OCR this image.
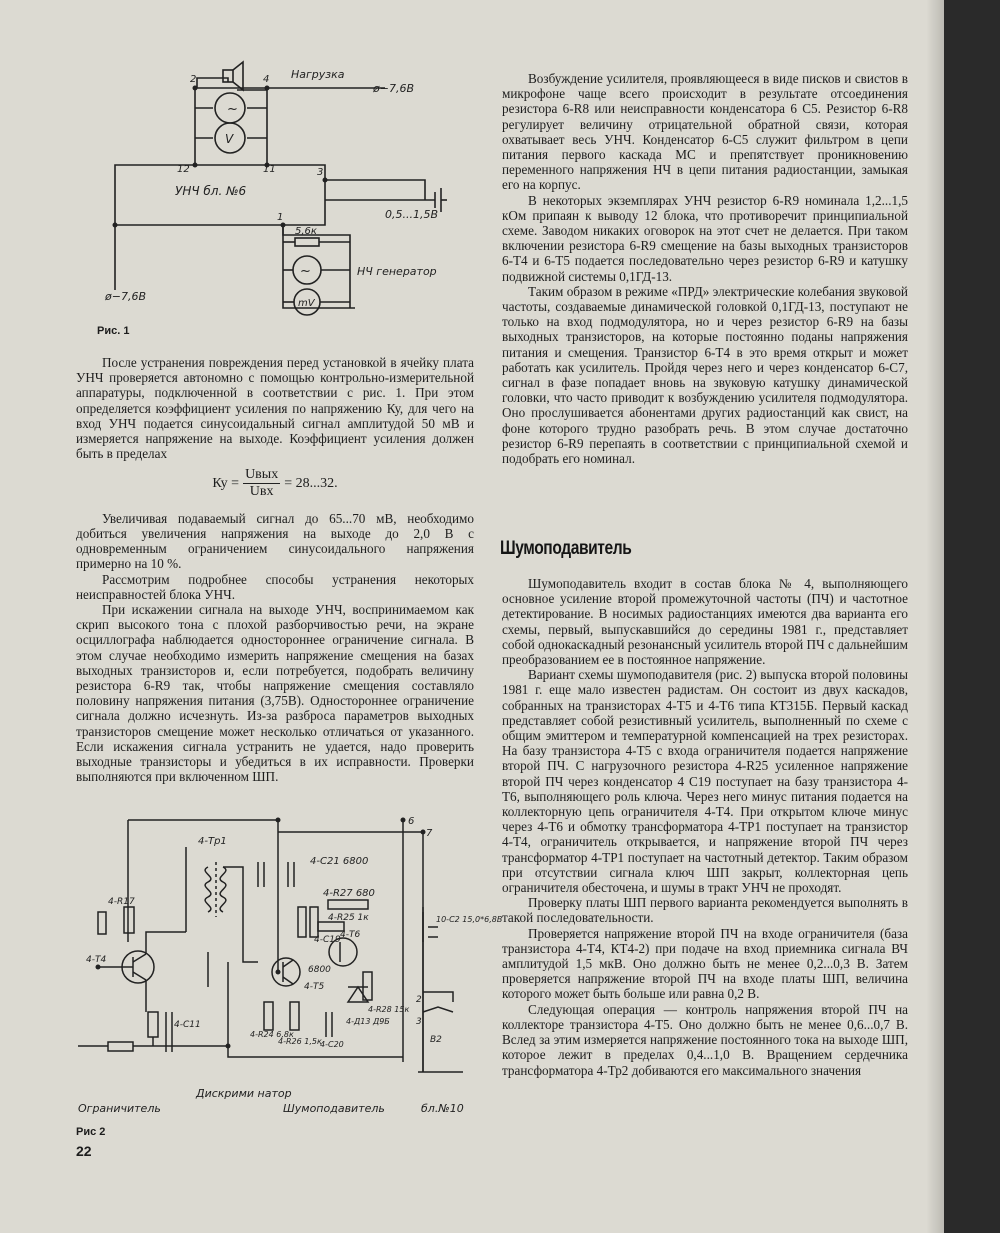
~
V
~
mV
2	4 Нагрузка
ø−7,6В
12	11	3
УНЧ бл. №6
1	0,5...1,5В
5,6к
НЧ генератор
ø−7,6В
Рис. 1

После устранения повреждения перед установкой в ячейку плата УНЧ проверяется автономно с помощью контрольно-измерительной аппаратуры, подключенной в соответствии с рис. 1. При этом определяется коэффициент усиления по напряжению Ку, для чего на вход УНЧ подается синусоидальный сигнал амплитудой 50 мВ и измеряется напряжение на выходе. Коэффициент усиления должен быть в пределах

Ку = $\frac{\text{Uвых}}{\text{Uвх}} = 28...32$.

Увеличивая подаваемый сигнал до 65...70 мВ, необходимо добиться увеличения напряжения на выходе до 2,0 В с одновременным ограничением синусоидального напряжения примерно на 10 %.

Рассмотрим подробнее способы устранения некоторых неисправностей блока УНЧ.

При искажении сигнала на выходе УНЧ, воспринимаемом как скрип высокого тона с плохой разборчивостью речи, на экране осциллографа наблюдается одностороннее ограничение сигнала. В этом случае необходимо измерить напряжение смещения на базах выходных транзисторов и, если потребуется, подобрать величину резистора 6-R9 так, чтобы напряжение смещения составляло половину напряжения питания (3,75В). Одностороннее ограничение сигнала должно исчезнуть. Из-за разброса параметров выходных транзисторов смещение может несколько отличаться от указанного. Если искажения сигнала устранить не удается, надо проверить выходные транзисторы и убедиться в их исправности. Проверки выполняются при включенном ШП.

6
7
4-Тр1
4-С21 6800
4-R27 680
4-R25 1к
4-С19 4-Т6
4-Т5
6800
4-Т4
4-R17
4-С11
4-R24 6,8к
4-R26 1,5к
4-С20
4-R28 15к
4-Д13 Д9Б
10-С2 15,0*6,8В
2
3
В2
Ограничитель
Дискрими натор
Шумоподавитель	бл.№10
Рис 2
22

Возбуждение усилителя, проявляющееся в виде писков и свистов в микрофоне чаще всего происходит в результате отсоединения резистора 6-R8 или неисправности конденсатора 6 С5. Резистор 6-R8 регулирует величину отрицательной обратной связи, которая охватывает весь УНЧ. Конденсатор 6-С5 служит фильтром в цепи питания первого каскада МС и препятствует проникновению переменного напряжения НЧ в цепи питания радиостанции, замыкая его на корпус.

В некоторых экземплярах УНЧ резистор 6-R9 номинала 1,2...1,5 кОм припаян к выводу 12 блока, что противоречит принципиальной схеме. Заводом никаких оговорок на этот счет не делается. При таком включении резистора 6-R9 смещение на базы выходных транзисторов 6-Т4 и 6-Т5 подается последовательно через резистор 6-R9 и катушку подвижной системы 0,1ГД-13.

Таким образом в режиме «ПРД» электрические колебания звуковой частоты, создаваемые динамической головкой 0,1ГД-13, поступают не только на вход подмодулятора, но и через резистор 6-R9 на базы выходных транзисторов, на которые постоянно поданы напряжения питания и смещения. Транзистор 6-Т4 в это время открыт и может работать как усилитель. Пройдя через него и через конденсатор 6-С7, сигнал в фазе попадает вновь на звуковую катушку динамической головки, что часто приводит к возбуждению усилителя подмодулятора. Оно прослушивается абонентами других радиостанций как свист, на фоне которого трудно разобрать речь. В этом случае достаточно резистор 6-R9 перепаять в соответствии с принципиальной схемой и подобрать его номинал.

Шумоподавитель

Шумоподавитель входит в состав блока № 4, выполняющего основное усиление второй промежуточной частоты (ПЧ) и частотное детектирование. В носимых радиостанциях имеются два варианта его схемы, первый, выпускавшийся до середины 1981 г., представляет собой однокаскадный резонансный усилитель второй ПЧ с дальнейшим преобразованием ее в постоянное напряжение.

Вариант схемы шумоподавителя (рис. 2) выпуска второй половины 1981 г. еще мало известен радистам. Он состоит из двух каскадов, собранных на транзисторах 4-Т5 и 4-Т6 типа КТ315Б. Первый каскад представляет собой резистивный усилитель, выполненный по схеме с общим эмиттером и температурной компенсацией на трех резисторах. На базу транзистора 4-Т5 с входа ограничителя подается напряжение второй ПЧ. С нагрузочного резистора 4-R25 усиленное напряжение второй ПЧ через конденсатор 4 С19 поступает на базу транзистора 4-Т6, выполняющего роль ключа. Через него минус питания подается на коллекторную цепь ограничителя 4-Т4. При открытом ключе минус через 4-Т6 и обмотку трансформатора 4-ТР1 поступает на транзистор 4-Т4, ограничитель открывается, и напряжение второй ПЧ через трансформатор 4-ТР1 поступает на частотный детектор. Таким образом при отсутствии сигнала ключ ШП закрыт, коллекторная цепь ограничителя обесточена, и шумы в тракт УНЧ не проходят.

Проверку платы ШП первого варианта рекомендуется выполнять в такой последовательности.

Проверяется напряжение второй ПЧ на входе ограничителя (база транзистора 4-Т4, КТ4-2) при подаче на вход приемника сигнала ВЧ амплитудой 1,5 мкВ. Оно должно быть не менее 0,2...0,3 В. Затем проверяется напряжение второй ПЧ на входе платы ШП, величина которого может быть больше или равна 0,2 В.

Следующая операция — контроль напряжения второй ПЧ на коллекторе транзистора 4-Т5. Оно должно быть не менее 0,6...0,7 В. Вслед за этим измеряется напряжение постоянного тока на выходе ШП, которое лежит в пределах 0,4...1,0 В. Вращением сердечника трансформатора 4-Тр2 добиваются его максимального значения
